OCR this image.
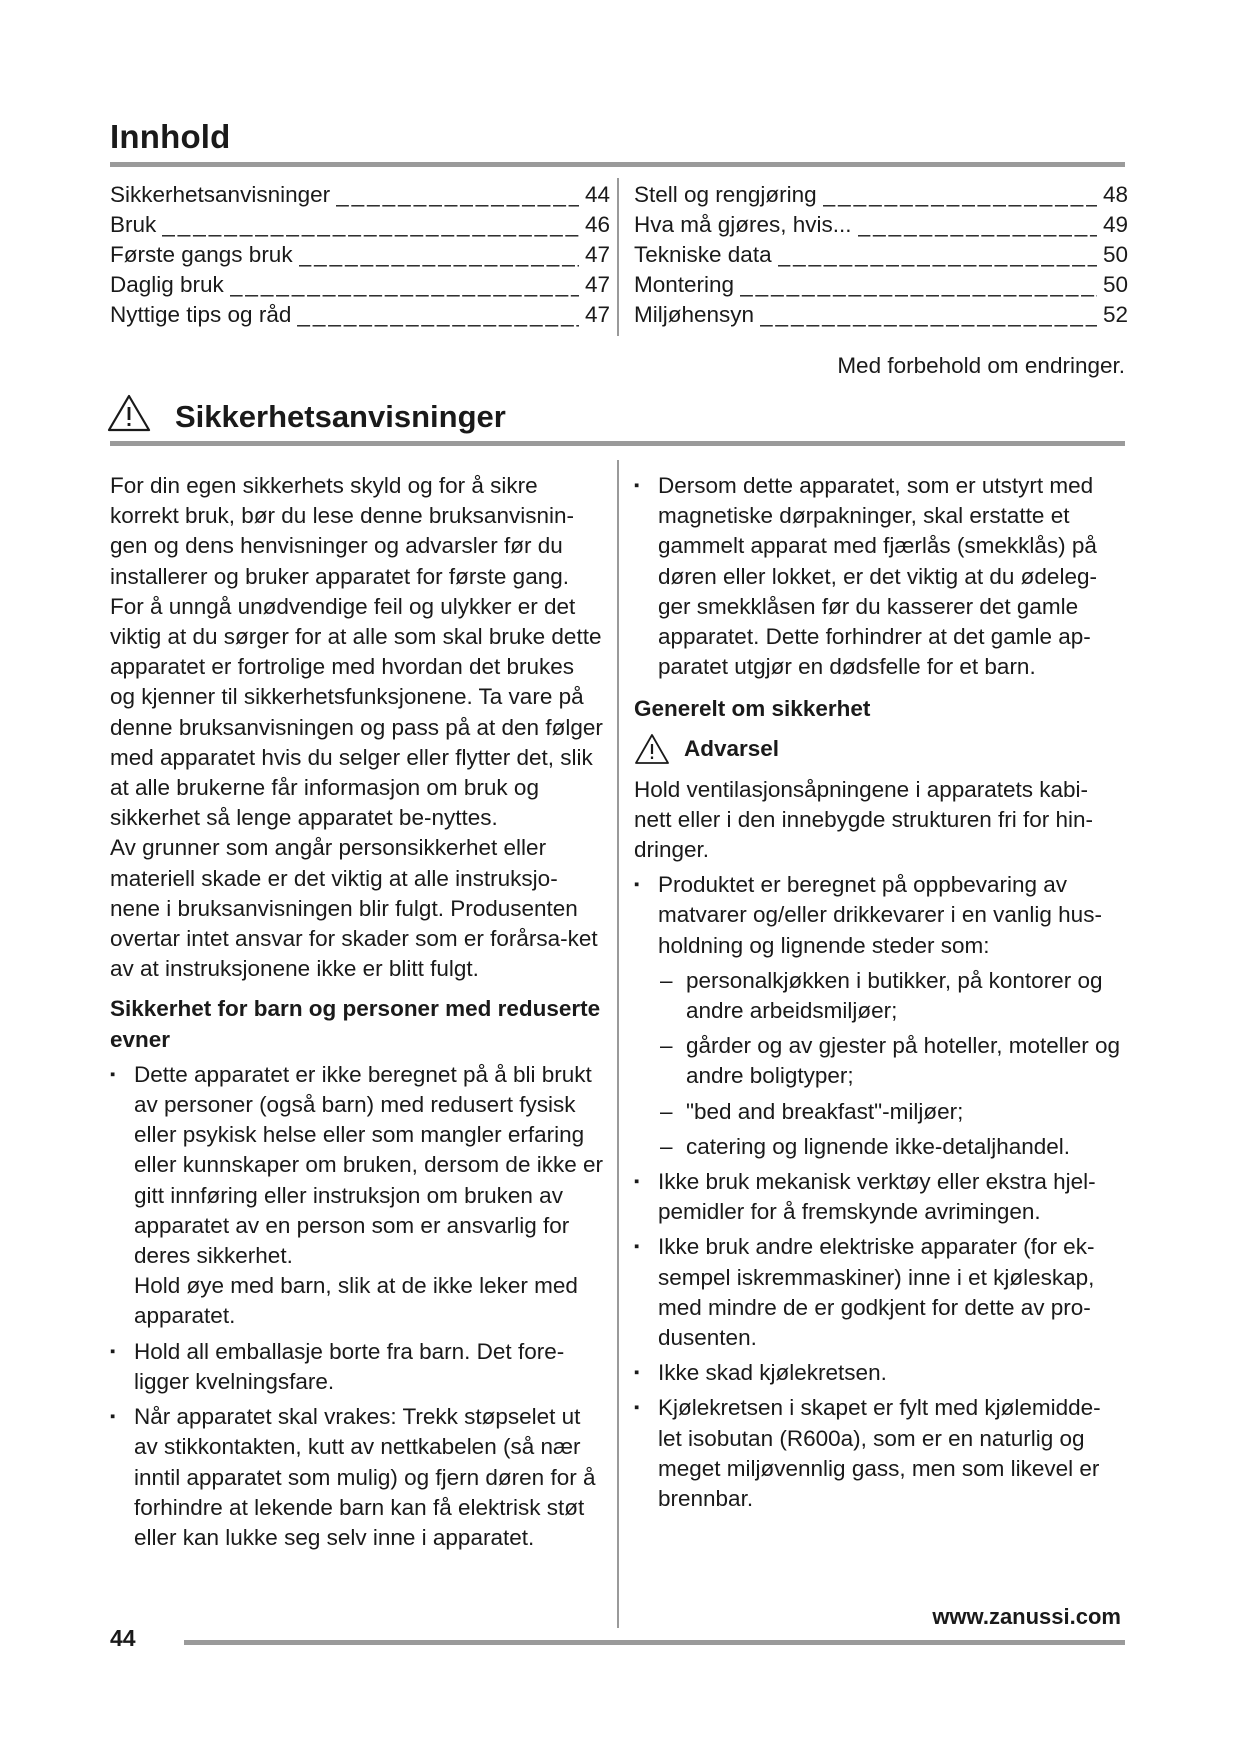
Innhold
Sikkerhetsanvisninger _____	44
Bruk _____	46
Første gangs bruk _____	47
Daglig bruk _____	47
Nyttige tips og råd _____	47
Stell og rengjøring _____	48
Hva må gjøres, hvis... _____	49
Tekniske data _____	50
Montering _____	50
Miljøhensyn _____	52
Med forbehold om endringer.
Sikkerhetsanvisninger

For din egen sikkerhets skyld og for å sikre korrekt bruk, bør du lese denne bruksanvisnin-gen og dens henvisninger og advarsler før du installerer og bruker apparatet for første gang. For å unngå unødvendige feil og ulykker er det viktig at du sørger for at alle som skal bruke dette apparatet er fortrolige med hvordan det brukes og kjenner til sikkerhetsfunksjonene. Ta vare på denne bruksanvisningen og pass på at den følger med apparatet hvis du selger eller flytter det, slik at alle brukerne får informasjon om bruk og sikkerhet så lenge apparatet be-nyttes.

Av grunner som angår personsikkerhet eller materiell skade er det viktig at alle instruksjo-nene i bruksanvisningen blir fulgt. Produsenten overtar intet ansvar for skader som er forårsa-ket av at instruksjonene ikke er blitt fulgt.

Sikkerhet for barn og personer med reduserte evner

▪ Dette apparatet er ikke beregnet på å bli brukt av personer (også barn) med redusert fysisk eller psykisk helse eller som mangler erfaring eller kunnskaper om bruken, dersom de ikke er gitt innføring eller instruksjon om bruken av apparatet av en person som er ansvarlig for deres sikkerhet.
Hold øye med barn, slik at de ikke leker med apparatet.
▪ Hold all emballasje borte fra barn. Det fore-ligger kvelningsfare.
▪ Når apparatet skal vrakes: Trekk støpselet ut av stikkontakten, kutt av nettkabelen (så nær inntil apparatet som mulig) og fjern døren for å forhindre at lekende barn kan få elektrisk støt eller kan lukke seg selv inne i apparatet.
▪ Dersom dette apparatet, som er utstyrt med magnetiske dørpakninger, skal erstatte et gammelt apparat med fjærlås (smekklås) på døren eller lokket, er det viktig at du ødeleg-ger smekklåsen før du kasserer det gamle apparatet. Dette forhindrer at det gamle ap-paratet utgjør en dødsfelle for et barn.

Generelt om sikkerhet

Advarsel

Hold ventilasjonsåpningene i apparatets kabi-nett eller i den innebygde strukturen fri for hin-dringer.

▪ Produktet er beregnet på oppbevaring av matvarer og/eller drikkevarer i en vanlig hus-holdning og lignende steder som:
– personalkjøkken i butikker, på kontorer og andre arbeidsmiljøer;
– gårder og av gjester på hoteller, moteller og andre boligtyper;
– "bed and breakfast"-miljøer;
– catering og lignende ikke-detaljhandel.
▪ Ikke bruk mekanisk verktøy eller ekstra hjel-pemidler for å fremskynde avrimingen.
▪ Ikke bruk andre elektriske apparater (for ek-sempel iskremmaskiner) inne i et kjøleskap, med mindre de er godkjent for dette av pro-dusenten.
▪ Ikke skad kjølekretsen.
▪ Kjølekretsen i skapet er fylt med kjølemidde-let isobutan (R600a), som er en naturlig og meget miljøvennlig gass, men som likevel er brennbar.
44
www.zanussi.com
